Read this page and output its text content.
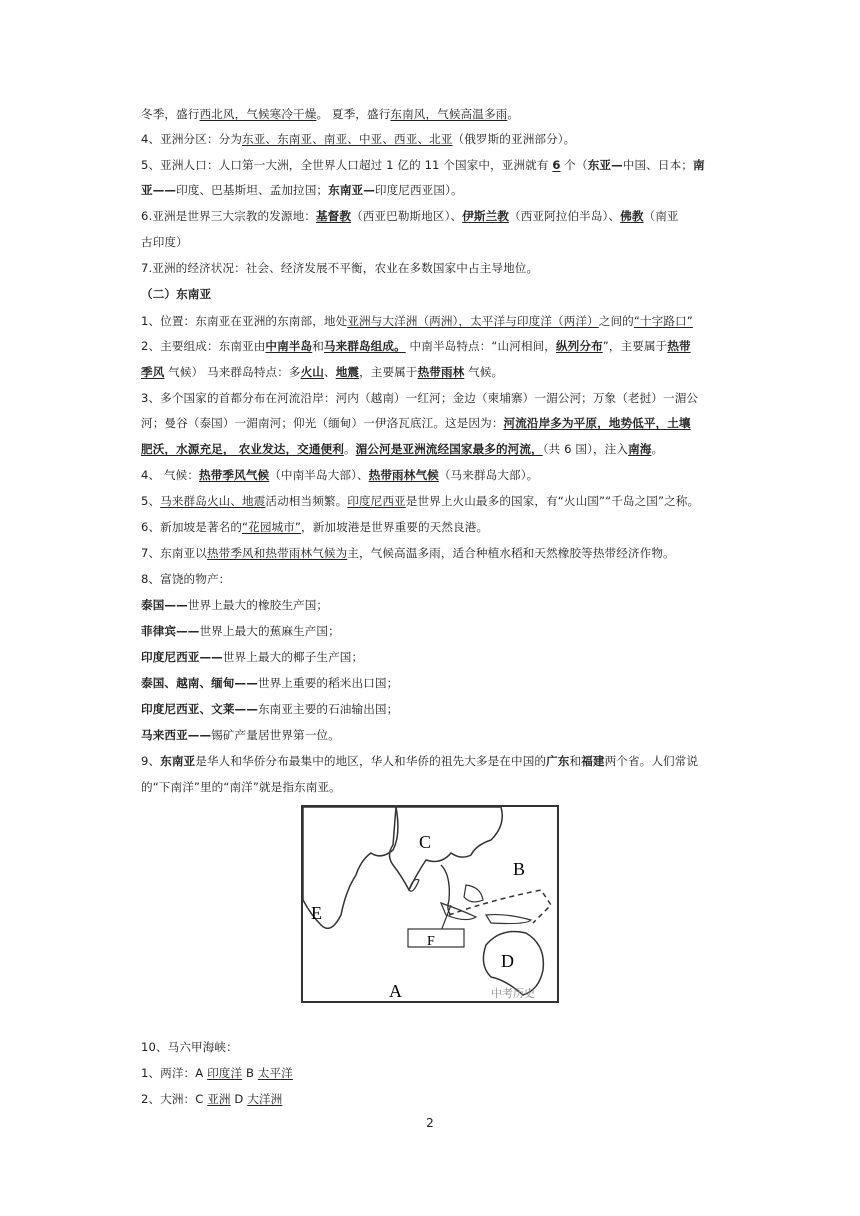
冬季，盛行西北风，气候寒冷干燥。 夏季，盛行东南风，气候高温多雨。
4、亚洲分区：分为东亚、东南亚、南亚、中亚、西亚、北亚（俄罗斯的亚洲部分）。
5、亚洲人口：人口第一大洲，全世界人口超过 1 亿的 11 个国家中，亚洲就有 6 个（东亚—中国、日本；南
亚——印度、巴基斯坦、孟加拉国；东南亚—印度尼西亚国）。
6.亚洲是世界三大宗教的发源地：基督教（西亚巴勒斯地区）、伊斯兰教（西亚阿拉伯半岛）、佛教（南亚
古印度）
7.亚洲的经济状况：社会、经济发展不平衡，农业在多数国家中占主导地位。
（二）东南亚
1、位置：东南亚在亚洲的东南部，地处亚洲与大洋洲（两洲），太平洋与印度洋（两洋）之间的“十字路口”
2、主要组成：东南亚由中南半岛和马来群岛组成。 中南半岛特点：“山河相间，纵列分布”，主要属于热带
季风 气候） 马来群岛特点：多火山、地震，主要属于热带雨林 气候。
3、多个国家的首都分布在河流沿岸：河内（越南）一红河；金边（柬埔寨）一湄公河；万象（老挝）一湄公
河；曼谷（泰国）一湄南河；仰光（缅甸）一伊洛瓦底江。这是因为：河流沿岸多为平原，地势低平，土壤
肥沃，水源充足， 农业发达，交通便利。湄公河是亚洲流经国家最多的河流，（共 6 国），注入南海。
4、 气候：热带季风气候（中南半岛大部）、热带雨林气候（马来群岛大部）。
5、马来群岛火山、地震活动相当频繁。印度尼西亚是世界上火山最多的国家，有“火山国”“千岛之国”之称。
6、新加坡是著名的“花园城市”，新加坡港是世界重要的天然良港。
7、东南亚以热带季风和热带雨林气候为主，气候高温多雨，适合种植水稻和天然橡胶等热带经济作物。
8、富饶的物产：
泰国——世界上最大的橡胶生产国；
菲律宾——世界上最大的蕉麻生产国；
印度尼西亚——世界上最大的椰子生产国；
泰国、越南、缅甸——世界上重要的稻米出口国；
印度尼西亚、文莱——东南亚主要的石油输出国；
马来西亚——锡矿产量居世界第一位。
9、东南亚是华人和华侨分布最集中的地区，华人和华侨的祖先大多是在中国的广东和福建两个省。人们常说
的“下南洋”里的“南洋”就是指东南亚。
10、马六甲海峡：
1、两洋：A 印度洋 B 太平洋
2、大洲：C 亚洲 D 大洋洲
C
B
E
F
D
A	中考历史
2
